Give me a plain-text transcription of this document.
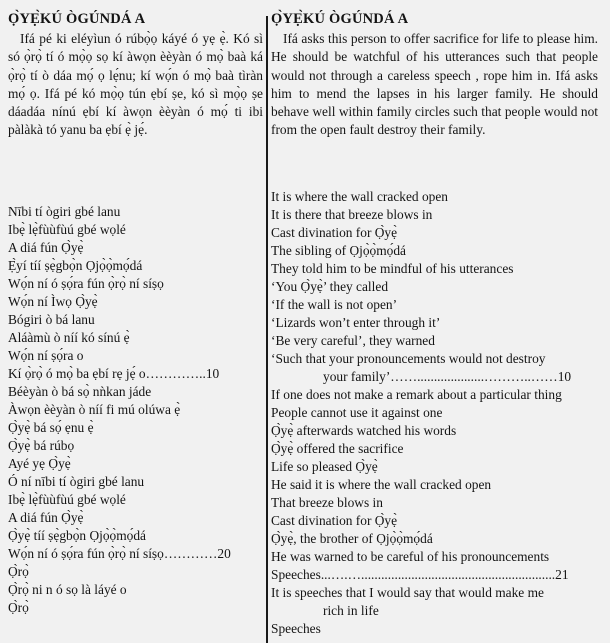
Ọ̀YẸ̀KÚ ÒGÚNDÁ A

Ifá pé ki eléyìun ó rúbọ̀ọ káyé ó yẹ ẹ̀. Kó sì só ọ̀rọ̀ tí ó mọ̀ọ sọ kí àwọn èèyàn ó mọ̀ baà ká ọ̀rọ̀ tí ò dáa mọ́ ọ lẹ́nu; kí wọ́n ó mọ̀ baà tìràn mọ́ ọ. Ifá pé kó mọ̀ọ tún ẹbí ṣe, kó sì mọ̀ọ ṣe dáadáa nínú ẹbí kí àwọn èèyàn ó mọ́ ti ibi pàlàkà tó yanu ba ẹbí ẹ̀ jẹ́.

Nībi tí ògiri gbé lanu
Ibẹ̀ lẹ̀fùùfùú gbé wọlé
A diá fún Ọ̀yẹ̀
Ẹ̀yí tíí ṣẹ̀gbọ̀n Ọjọ̀ọ̀mọ́dá
Wọ́n ní ó ṣọ́ra fún ọ̀rọ̀ ní síṣọ
Wọ́n ní Ìwọ Ọ̀yẹ̀
Bógiri ò bá lanu
Aláàmù ò níí kó sínú ẹ̀
Wọ́n ní ṣọ́ra o
Kí ọ̀rọ̀ ó mọ̀ ba ẹbí rẹ jẹ́ o…………..10
Béèyàn ò bá sọ̀ nǹkan jáde
Àwọn èèyàn ò níí fi mú olúwa ẹ̀
Ọ̀yẹ̀ bá sọ́ ẹnu ẹ̀
Ọ̀yẹ̀ bá rúbọ
Ayé yẹ Ọ̀yẹ̀
Ó ní nībi tí ògiri gbé lanu
Ibẹ̀ lẹ̀fùùfùú gbé wọlé
A diá fún Ọ̀yẹ̀
Ọ̀yẹ̀ tíí ṣẹ̀gbọ̀n Ọjọ̀ọ̀mọ́dá
Wọ́n ní ó ṣọ́ra fún ọ̀rọ̀ ní síṣọ…………20
Ọ̀rọ̀
Ọ̀rọ̀ ni n ó sọ là láyé o
Ọ̀rọ̀
Ọ̀YẸ̀KÚ ÒGÚNDÁ A

Ifá asks this person to offer sacrifice for life to please him. He should be watchful of his utterances such that people would not through a careless speech , rope him in. Ifá asks him to mend the lapses in his larger family. He should behave well within family circles such that people would not from the open fault destroy their family.

It is where the wall cracked open
It is there that breeze blows in
Cast divination for Ọ̀yẹ̀
The sibling of Ọjọ̀ọ̀mọ́dá
They told him to be mindful of his utterances
‘You Ọ̀yẹ̀’ they called
‘If the wall is not open’
‘Lizards won’t enter through it’
‘Be very careful’, they warned
‘Such that your pronouncements would not destroy
your family’……....................………..……10
If one does not make a remark about a particular thing
People cannot use it against one
Ọ̀yẹ̀ afterwards watched his words
Ọ̀yẹ̀ offered the sacrifice
Life so pleased Ọ̀yẹ̀
He said it is where the wall cracked open
That breeze blows in
Cast divination for Ọ̀yẹ̀
Ọ̀yẹ̀, the brother of Ọjọ̀ọ̀mọ́dá
He was warned to be careful of his pronouncements
Speeches...….…..........................................................21
It is speeches that I would say that would make me
rich in life
Speeches
